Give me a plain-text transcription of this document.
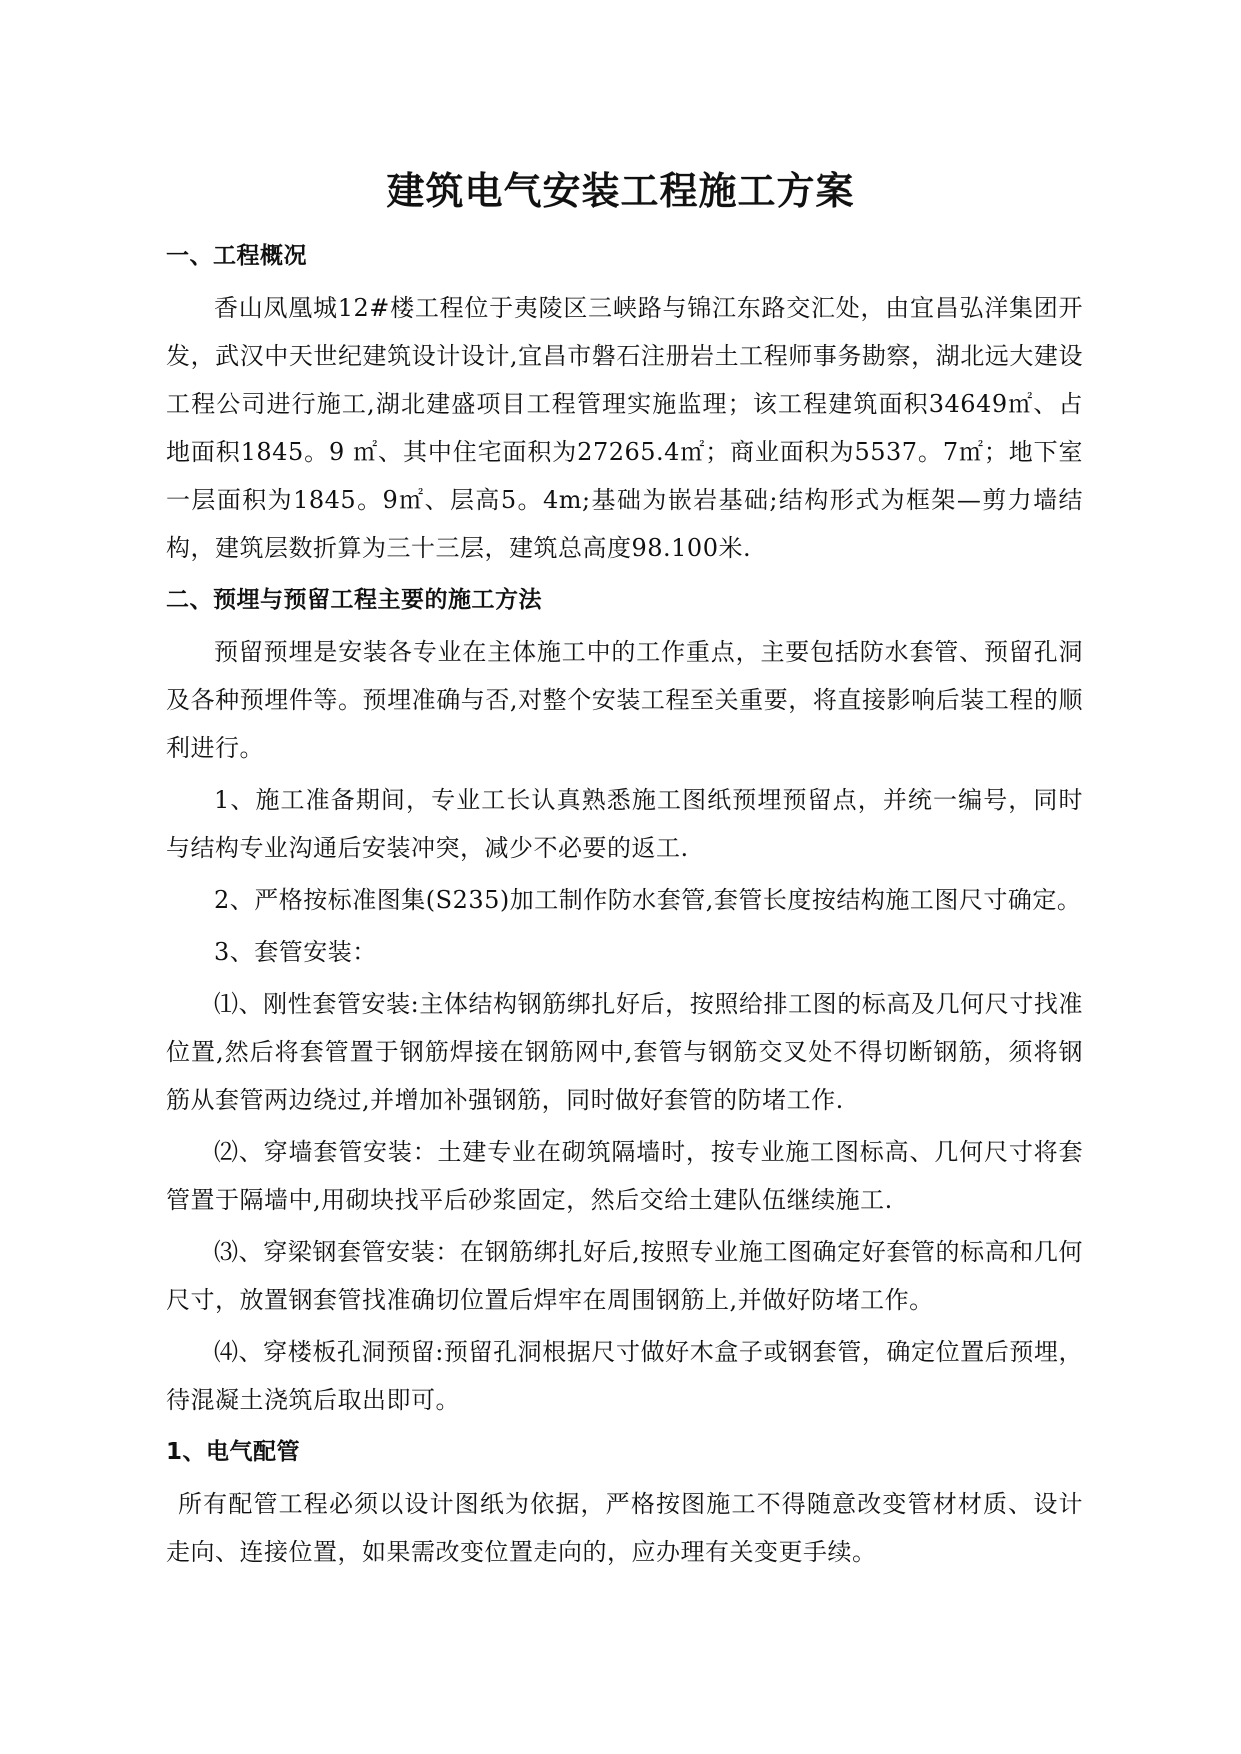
建筑电气安装工程施工方案
一、工程概况

香山凤凰城12#楼工程位于夷陵区三峡路与锦江东路交汇处，由宜昌弘洋集团开发，武汉中天世纪建筑设计设计,宜昌市磐石注册岩土工程师事务勘察，湖北远大建设工程公司进行施工,湖北建盛项目工程管理实施监理；该工程建筑面积34649㎡、占地面积1845。9 ㎡、其中住宅面积为27265.4㎡；商业面积为5537。7㎡；地下室一层面积为1845。9㎡、层高5。4m;基础为嵌岩基础;结构形式为框架—剪力墙结构，建筑层数折算为三十三层，建筑总高度98.100米.

二、预埋与预留工程主要的施工方法

预留预埋是安装各专业在主体施工中的工作重点，主要包括防水套管、预留孔洞及各种预埋件等。预埋准确与否,对整个安装工程至关重要，将直接影响后装工程的顺利进行。

1、施工准备期间，专业工长认真熟悉施工图纸预埋预留点，并统一编号，同时与结构专业沟通后安装冲突，减少不必要的返工.

2、严格按标准图集(S235)加工制作防水套管,套管长度按结构施工图尺寸确定。

3、套管安装：

⑴、刚性套管安装:主体结构钢筋绑扎好后，按照给排工图的标高及几何尺寸找准位置,然后将套管置于钢筋焊接在钢筋网中,套管与钢筋交叉处不得切断钢筋，须将钢筋从套管两边绕过,并增加补强钢筋，同时做好套管的防堵工作.

⑵、穿墙套管安装：土建专业在砌筑隔墙时，按专业施工图标高、几何尺寸将套管置于隔墙中,用砌块找平后砂浆固定，然后交给土建队伍继续施工.

⑶、穿梁钢套管安装：在钢筋绑扎好后,按照专业施工图确定好套管的标高和几何尺寸，放置钢套管找准确切位置后焊牢在周围钢筋上,并做好防堵工作。

⑷、穿楼板孔洞预留:预留孔洞根据尺寸做好木盒子或钢套管，确定位置后预埋，待混凝土浇筑后取出即可。

1、电气配管

所有配管工程必须以设计图纸为依据，严格按图施工不得随意改变管材材质、设计走向、连接位置，如果需改变位置走向的，应办理有关变更手续。
